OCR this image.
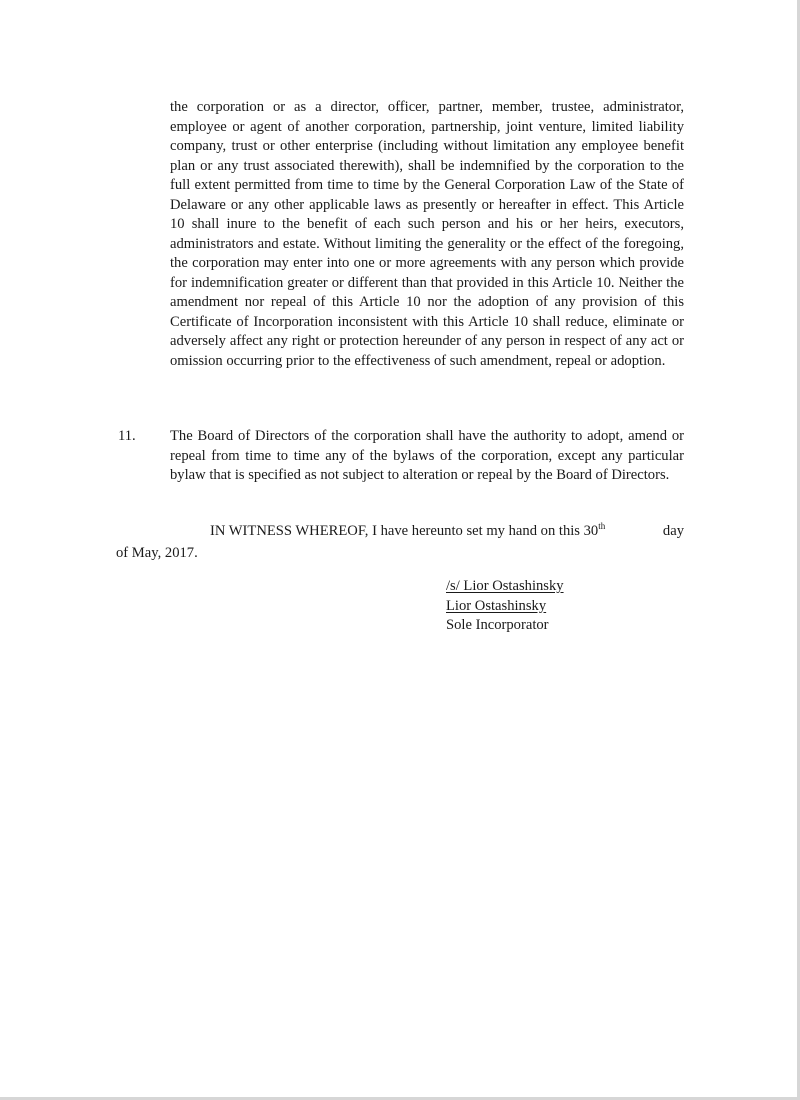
the corporation or as a director, officer, partner, member, trustee, administrator, employee or agent of another corporation, partnership, joint venture, limited liability company, trust or other enterprise (including without limitation any employee benefit plan or any trust associated therewith), shall be indemnified by the corporation to the full extent permitted from time to time by the General Corporation Law of the State of Delaware or any other applicable laws as presently or hereafter in effect. This Article 10 shall inure to the benefit of each such person and his or her heirs, executors, administrators and estate. Without limiting the generality or the effect of the foregoing, the corporation may enter into one or more agreements with any person which provide for indemnification greater or different than that provided in this Article 10. Neither the amendment nor repeal of this Article 10 nor the adoption of any provision of this Certificate of Incorporation inconsistent with this Article 10 shall reduce, eliminate or adversely affect any right or protection hereunder of any person in respect of any act or omission occurring prior to the effectiveness of such amendment, repeal or adoption.

11. The Board of Directors of the corporation shall have the authority to adopt, amend or repeal from time to time any of the bylaws of the corporation, except any particular bylaw that is specified as not subject to alteration or repeal by the Board of Directors.

IN WITNESS WHEREOF, I have hereunto set my hand on this 30th	day
of May, 2017.
/s/ Lior Ostashinsky
Lior Ostashinsky
Sole Incorporator
